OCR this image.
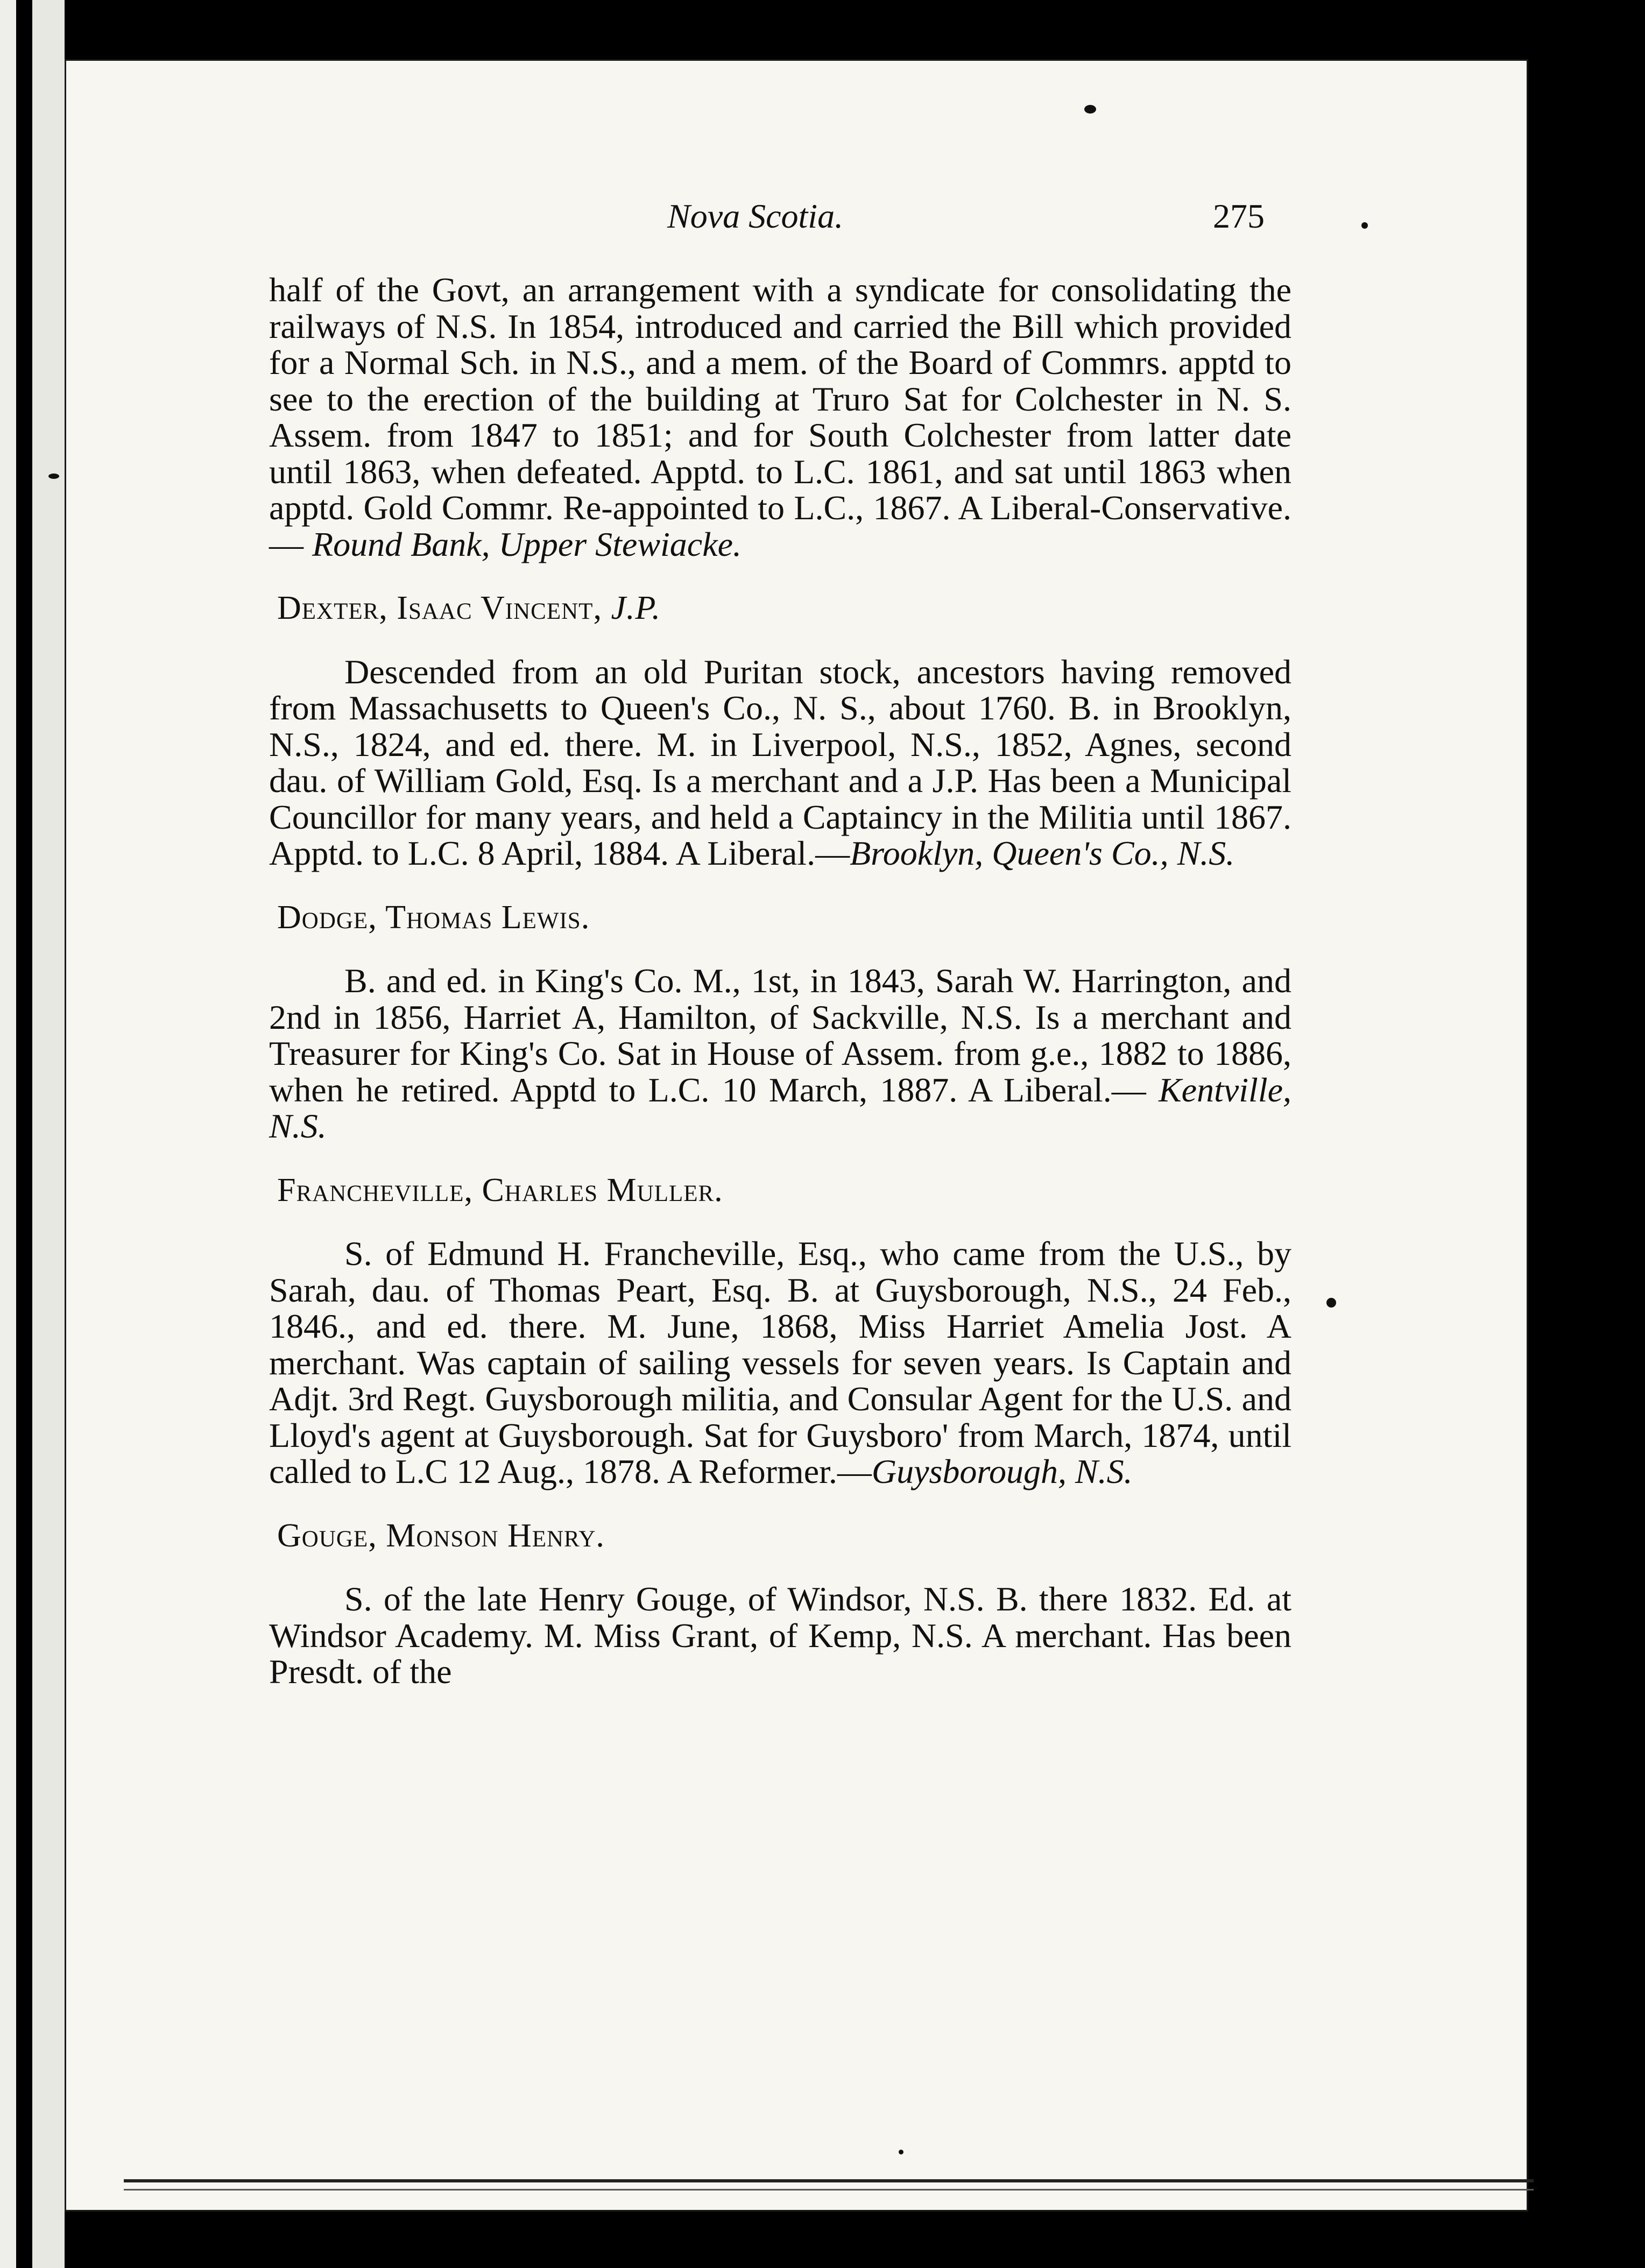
Nova Scotia.	275

half of the Govt, an arrangement with a syndicate for consolidating the railways of N.S. In 1854, introduced and carried the Bill which provided for a Normal Sch. in N.S., and a mem. of the Board of Commrs. apptd to see to the erection of the building at Truro Sat for Colchester in N. S. Assem. from 1847 to 1851; and for South Colchester from latter date until 1863, when defeated. Apptd. to L.C. 1861, and sat until 1863 when apptd. Gold Commr. Re-appointed to L.C., 1867. A Liberal-Conservative.— Round Bank, Upper Stewiacke.

Dexter, Isaac Vincent, J.P.

Descended from an old Puritan stock, ancestors having removed from Massachusetts to Queen's Co., N. S., about 1760. B. in Brooklyn, N.S., 1824, and ed. there. M. in Liverpool, N.S., 1852, Agnes, second dau. of William Gold, Esq. Is a merchant and a J.P. Has been a Municipal Councillor for many years, and held a Captaincy in the Militia until 1867. Apptd. to L.C. 8 April, 1884. A Liberal.—Brooklyn, Queen's Co., N.S.

Dodge, Thomas Lewis.

B. and ed. in King's Co. M., 1st, in 1843, Sarah W. Harrington, and 2nd in 1856, Harriet A, Hamilton, of Sackville, N.S. Is a merchant and Treasurer for King's Co. Sat in House of Assem. from g.e., 1882 to 1886, when he retired. Apptd to L.C. 10 March, 1887. A Liberal.— Kentville, N.S.

Francheville, Charles Muller.

S. of Edmund H. Francheville, Esq., who came from the U.S., by Sarah, dau. of Thomas Peart, Esq. B. at Guysborough, N.S., 24 Feb., 1846., and ed. there. M. June, 1868, Miss Harriet Amelia Jost. A merchant. Was captain of sailing vessels for seven years. Is Captain and Adjt. 3rd Regt. Guysborough militia, and Consular Agent for the U.S. and Lloyd's agent at Guysborough. Sat for Guysboro' from March, 1874, until called to L.C 12 Aug., 1878. A Reformer.—Guysborough, N.S.

Gouge, Monson Henry.

S. of the late Henry Gouge, of Windsor, N.S. B. there 1832. Ed. at Windsor Academy. M. Miss Grant, of Kemp, N.S. A merchant. Has been Presdt. of the
